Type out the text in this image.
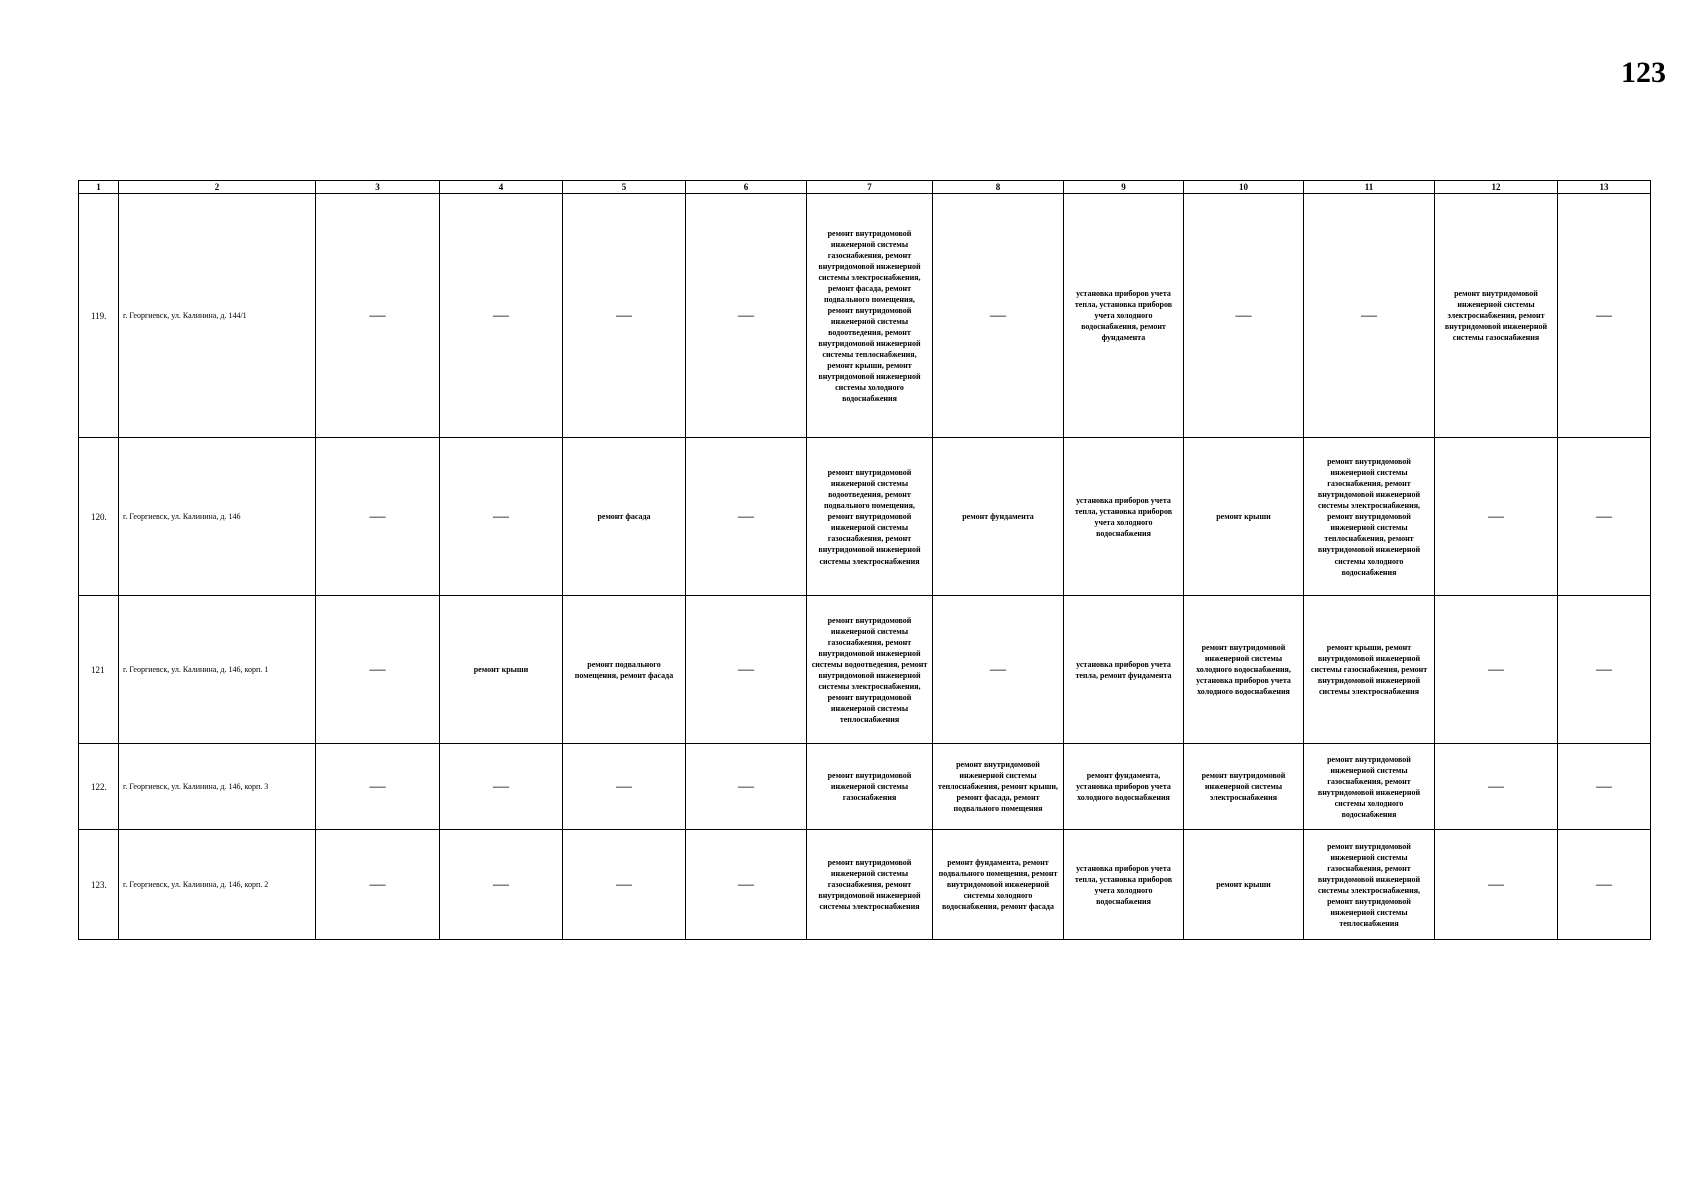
123
1	2	3	4	5	6	7	8	9	10	11	12	13
119.	г. Георгиевск, ул. Калинина, д. 144/1	—	—	—	—	ремонт внутридомовой инженерной системы газоснабжения, ремонт внутридомовой инженерной системы электроснабжения, ремонт фасада, ремонт подвального помещения, ремонт внутридомовой инженерной системы водоотведения, ремонт внутридомовой инженерной системы теплоснабжения, ремонт крыши, ремонт внутридомовой инженерной системы холодного водоснабжения	—	установка приборов учета тепла, установка приборов учета холодного водоснабжения, ремонт фундамента	—	—	ремонт внутридомовой инженерной системы электроснабжения, ремонт внутридомовой инженерной системы газоснабжения	—
120.	г. Георгиевск, ул. Калинина, д. 146	—	—	ремонт фасада	—	ремонт внутридомовой инженерной системы водоотведения, ремонт подвального помещения, ремонт внутридомовой инженерной системы газоснабжения, ремонт внутридомовой инженерной системы электроснабжения	ремонт фундамента	установка приборов учета тепла, установка приборов учета холодного водоснабжения	ремонт крыши	ремонт внутридомовой инженерной системы газоснабжения, ремонт внутридомовой инженерной системы электроснабжения, ремонт внутридомовой инженерной системы теплоснабжения, ремонт внутридомовой инженерной системы холодного водоснабжения	—	—
121	г. Георгиевск, ул. Калинина, д. 146, корп. 1	—	ремонт крыши	ремонт подвального помещения, ремонт фасада	—	ремонт внутридомовой инженерной системы газоснабжения, ремонт внутридомовой инженерной системы водоотведения, ремонт внутридомовой инженерной системы электроснабжения, ремонт внутридомовой инженерной системы теплоснабжения	—	установка приборов учета тепла, ремонт фундамента	ремонт внутридомовой инженерной системы холодного водоснабжения, установка приборов учета холодного водоснабжения	ремонт крыши, ремонт внутридомовой инженерной системы газоснабжения, ремонт внутридомовой инженерной системы электроснабжения	—	—
122.	г. Георгиевск, ул. Калинина, д. 146, корп. 3	—	—	—	—	ремонт внутридомовой инженерной системы газоснабжения	ремонт внутридомовой инженерной системы теплоснабжения, ремонт крыши, ремонт фасада, ремонт подвального помещения	ремонт фундамента, установка приборов учета холодного водоснабжения	ремонт внутридомовой инженерной системы электроснабжения	ремонт внутридомовой инженерной системы газоснабжения, ремонт внутридомовой инженерной системы холодного водоснабжения	—	—
123.	г. Георгиевск, ул. Калинина, д. 146, корп. 2	—	—	—	—	ремонт внутридомовой инженерной системы газоснабжения, ремонт внутридомовой инженерной системы электроснабжения	ремонт фундамента, ремонт подвального помещения, ремонт внутридомовой инженерной системы холодного водоснабжения, ремонт фасада	установка приборов учета тепла, установка приборов учета холодного водоснабжения	ремонт крыши	ремонт внутридомовой инженерной системы газоснабжения, ремонт внутридомовой инженерной системы электроснабжения, ремонт внутридомовой инженерной системы теплоснабжения	—	—
